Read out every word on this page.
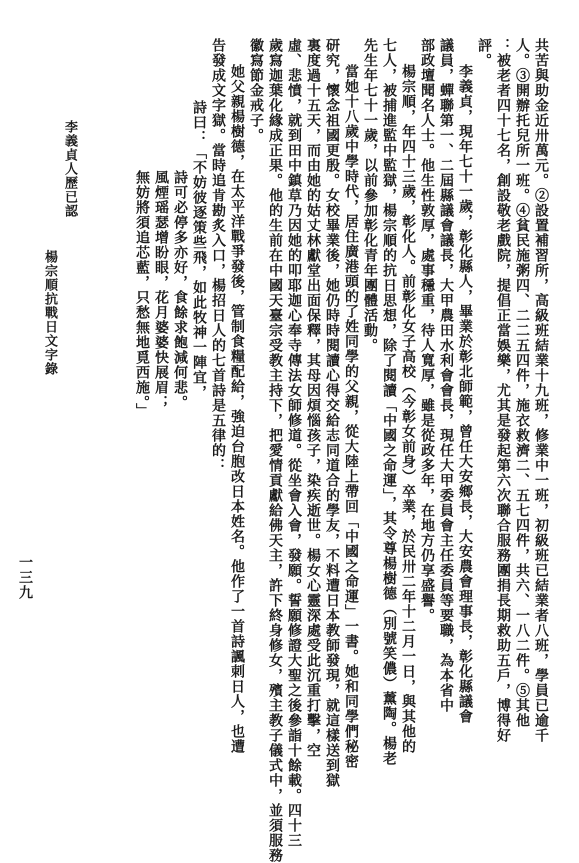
共苦與助金近卅萬元。②設置補習所，高級班結業十九班，修業中一班，初級班已結業者八班，學員已逾千
人。③開辦托兒所一班。④貧民施粥四、二二五四件，施衣救濟二、五七四件，共六、一八二件。⑤其他
：被老者四十七名，創設敬老戲院，提倡正當娛樂，尤其是發起第六次聯合服務團捐長期救助五戶，博得好
評。
李義貞，現年七十一歲，彰化縣人，畢業於彰北師範，曾任大安鄉長，大安農會理事長，彰化縣議會
議員，蟬聯第一、二屆縣議會議長，大甲農田水利會會長，現任大甲委員會主任委員等要職，為本省中
部政壇聞名人士。他生性敦厚，處事穩重，待人寬厚，雖是從政多年，在地方仍享盛譽。
楊宗順，年四十三歲，彰化人。前彰化女子高校（今彰女前身）卒業，於民卅二年十二月一日，與其他的
七人，被捕進監中監獄，楊宗順的抗日思想，除了閱讀「中國之命運」，其令尊楊樹德（別號笑儂）薰陶。楊老
先生年七十一歲，以前參加彰化青年團體活動。
當她十八歲中學時代，居住廣港頭的了姓同學的父親，從大陸上帶回「中國之命運」一書。她和同學們秘密
研究，懷念祖國更殷。女校畢業後，她仍時時閱讀心得交給志同道合的學友，不料遭日本教師發現，就這樣送到獄
裏度過十五天，而由她的姑丈林獻堂出面保釋，其母因煩惱孩子，染疾逝世。楊女心靈深處受此沉重打擊，空
虛、悲憤，就到田中鎮草乃因她的叩耶迦心奉寺傳法女師修道。從坐會入會，發願。誓願修證大聖之後參詣十餘載。四十三
歲寫迦葉化緣成正果。他的生前在中國天臺宗受教主持下，把愛情貢獻給佛天主，許下終身修女，殯主教子儀式中，並須服務
徽寫節金戒子。
她父親楊樹德，在太平洋戰爭發後，管制食糧配給，強迫台胞改日本姓名。他作了一首詩諷刺日人，也遭
告發成文字獄。當時追肯勘炙入口，楊招日人的七首詩是五律的：
詩曰：「不妨彼逐策些飛，如此牧神一陣宜，
詩可必停多亦好，食餘求飽減何悲。
風煙瑶瑟增盼眼，花月婆婆快展眉；
無妨將須追芯藍，只愁無地覓西施。」
李義貞人歷已認
楊宗順抗戰日文字錄
一三九
